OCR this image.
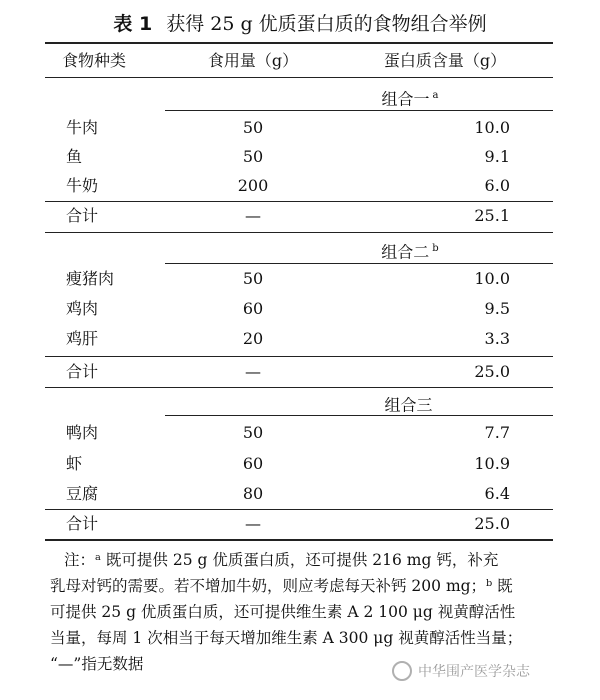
表 1 获得 25 g 优质蛋白质的食物组合举例
食物种类	食用量（g）	蛋白质含量（g）
组合一 $^a$
牛肉	50	10.0
鱼	50	9.1
牛奶	200	6.0
合计	—	25.1
组合二 $^b$
瘦猪肉	50	10.0
鸡肉	60	9.5
鸡肝	20	3.3
合计	—	25.0
组合三
鸭肉	50	7.7
虾	60	10.9
豆腐	80	6.4
合计	—	25.0
注：ᵃ 既可提供 25 g 优质蛋白质，还可提供 216 mg 钙，补充
乳母对钙的需要。若不增加牛奶，则应考虑每天补钙 200 mg；ᵇ 既
可提供 25 g 优质蛋白质，还可提供维生素 A 2 100 μg 视黄醇活性
当量，每周 1 次相当于每天增加维生素 A 300 μg 视黄醇活性当量；
“—”指无数据	中华围产医学杂志
